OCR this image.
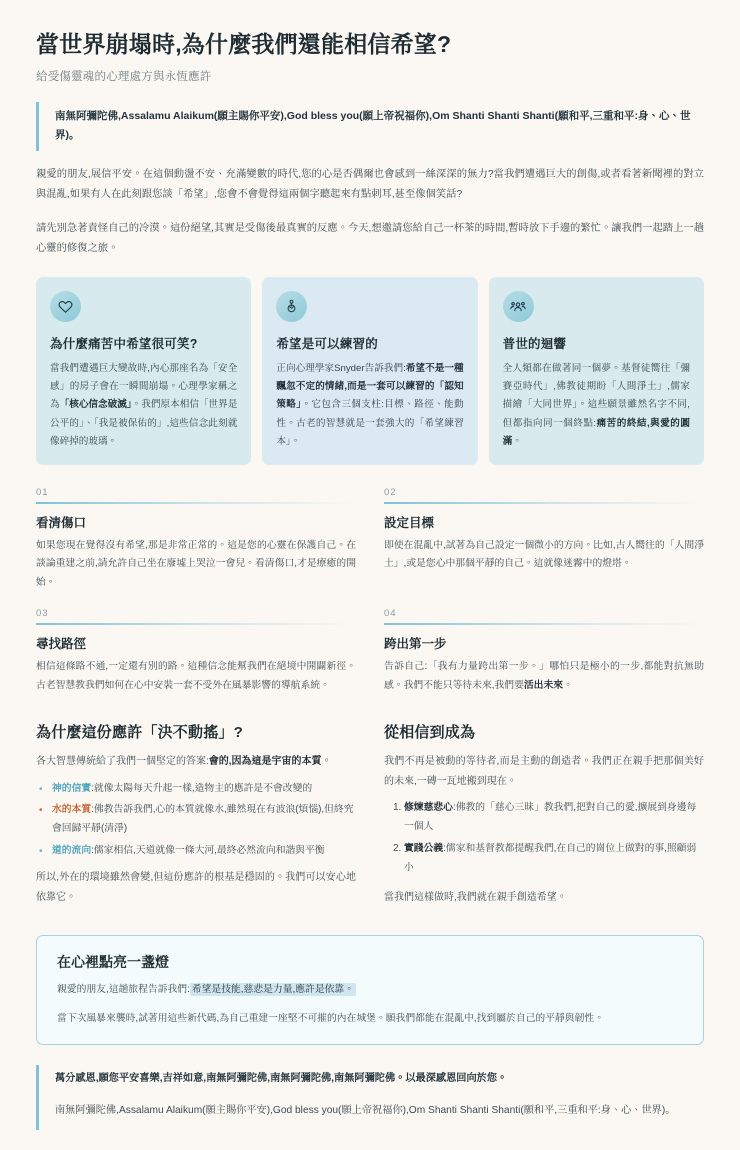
當世界崩塌時,為什麼我們還能相信希望?

給受傷靈魂的心理處方與永恆應許

南無阿彌陀佛,Assalamu Alaikum(願主賜你平安),God bless you(願上帝祝福你),Om Shanti Shanti Shanti(願和平,三重和平:身、心、世界)。

親愛的朋友,展信平安。在這個動盪不安、充滿變數的時代,您的心是否偶爾也會感到一絲深深的無力?當我們遭遇巨大的創傷,或者看著新聞裡的對立與混亂,如果有人在此刻跟您談「希望」,您會不會覺得這兩個字聽起來有點刺耳,甚至像個笑話?

請先別急著責怪自己的冷漠。這份絕望,其實是受傷後最真實的反應。今天,想邀請您給自己一杯茶的時間,暫時放下手邊的繁忙。讓我們一起踏上一趟心靈的修復之旅。

為什麼痛苦中希望很可笑?

當我們遭遇巨大變故時,內心那座名為「安全感」的房子會在一瞬間崩塌。心理學家稱之為「核心信念破滅」。我們原本相信「世界是公平的」、「我是被保佑的」,這些信念此刻就像碎掉的玻璃。

希望是可以練習的

正向心理學家Snyder告訴我們:希望不是一種飄忽不定的情緒,而是一套可以練習的「認知策略」。它包含三個支柱:目標、路徑、能動性。古老的智慧就是一套強大的「希望練習本」。

普世的迴響

全人類都在做著同一個夢。基督徒嚮往「彌賽亞時代」,佛教徒期盼「人間淨土」,儒家描繪「大同世界」。這些願景雖然名字不同,但都指向同一個終點:痛苦的終結,與愛的圓滿。

01

看清傷口

如果您現在覺得沒有希望,那是非常正常的。這是您的心靈在保護自己。在談論重建之前,請允許自己坐在廢墟上哭泣一會兒。看清傷口,才是療癒的開始。

02

設定目標

即使在混亂中,試著為自己設定一個微小的方向。比如,古人嚮往的「人間淨土」,或是您心中那個平靜的自己。這就像迷霧中的燈塔。

03

尋找路徑

相信這條路不通,一定還有別的路。這種信念能幫我們在絕境中開闢新徑。古老智慧教我們如何在心中安裝一套不受外在風暴影響的導航系統。

04

跨出第一步

告訴自己:「我有力量跨出第一步。」哪怕只是極小的一步,都能對抗無助感。我們不能只等待未來,我們要活出未來。

為什麼這份應許「決不動搖」?

各大智慧傳統給了我們一個堅定的答案:會的,因為這是宇宙的本質。

• 神的信實:就像太陽每天升起一樣,造物主的應許是不會改變的
• 水的本質:佛教告訴我們,心的本質就像水,雖然現在有波浪(煩惱),但終究會回歸平靜(清淨)
• 道的流向:儒家相信,天道就像一條大河,最終必然流向和諧與平衡

所以,外在的環境雖然會變,但這份應許的根基是穩固的。我們可以安心地依靠它。

從相信到成為

我們不再是被動的等待者,而是主動的創造者。我們正在親手把那個美好的未來,一磚一瓦地搬到現在。

1. 修煉慈悲心:佛教的「慈心三昧」教我們,把對自己的愛,擴展到身邊每一個人
2. 實踐公義:儒家和基督教都提醒我們,在自己的崗位上做對的事,照顧弱小

當我們這樣做時,我們就在親手創造希望。

在心裡點亮一盞燈

親愛的朋友,這趟旅程告訴我們: 希望是技能,慈悲是力量,應許是依靠。

當下次風暴來襲時,試著用這些新代碼,為自己重建一座堅不可摧的內在城堡。願我們都能在混亂中,找到屬於自己的平靜與韌性。

萬分感恩,願您平安喜樂,吉祥如意,南無阿彌陀佛,南無阿彌陀佛,南無阿彌陀佛。以最深感恩回向於您。

南無阿彌陀佛,Assalamu Alaikum(願主賜你平安),God bless you(願上帝祝福你),Om Shanti Shanti Shanti(願和平,三重和平:身、心、世界)。
